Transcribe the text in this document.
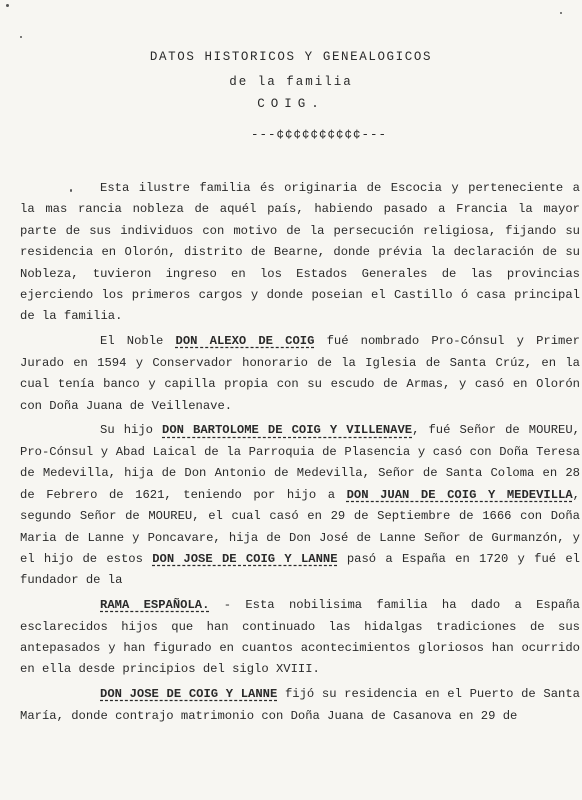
DATOS HISTORICOS Y GENEALOGICOS
de la familia
COIG.
---¢¢¢¢¢¢¢¢¢¢---

Esta ilustre familia és originaria de Escocia y perteneciente a la mas rancia nobleza de aquél país, habiendo pasado a Francia la mayor parte de sus individuos con motivo de la persecución religiosa, fijando su residencia en Olorón, distrito de Bearne, donde prévia la declaración de su Nobleza, tuvieron ingreso en los Estados Generales de las provincias ejerciendo los primeros cargos y donde poseian el Castillo ó casa principal de la familia.

El Noble DON ALEXO DE COIG fué nombrado Pro-Cónsul y Primer Jurado en 1594 y Conservador honorario de la Iglesia de Santa Crúz, en la cual tenía banco y capilla propia con su escudo de Armas, y casó en Olorón con Doña Juana de Veillenave.

Su hijo DON BARTOLOME DE COIG Y VILLENAVE, fué Señor de MOUREU, Pro-Cónsul y Abad Laical de la Parroquia de Plasencia y casó con Doña Teresa de Medevilla, hija de Don Antonio de Medevilla, Señor de Santa Coloma en 28 de Febrero de 1621, teniendo por hijo a DON JUAN DE COIG Y MEDEVILLA, segundo Señor de MOUREU, el cual casó en 29 de Septiembre de 1666 con Doña Maria de Lanne y Poncavare, hija de Don José de Lanne Señor de Gurmanzón, y el hijo de estos DON JOSE DE COIG Y LANNE pasó a España en 1720 y fué el fundador de la

RAMA ESPAÑOLA. - Esta nobilisima familia ha dado a España esclarecidos hijos que han continuado las hidalgas tradiciones de sus antepasados y han figurado en cuantos acontecimientos gloriosos han ocurrido en ella desde principios del siglo XVIII.

DON JOSE DE COIG Y LANNE fijó su residencia en el Puerto de Santa María, donde contrajo matrimonio con Doña Juana de Casanova en 29 de
